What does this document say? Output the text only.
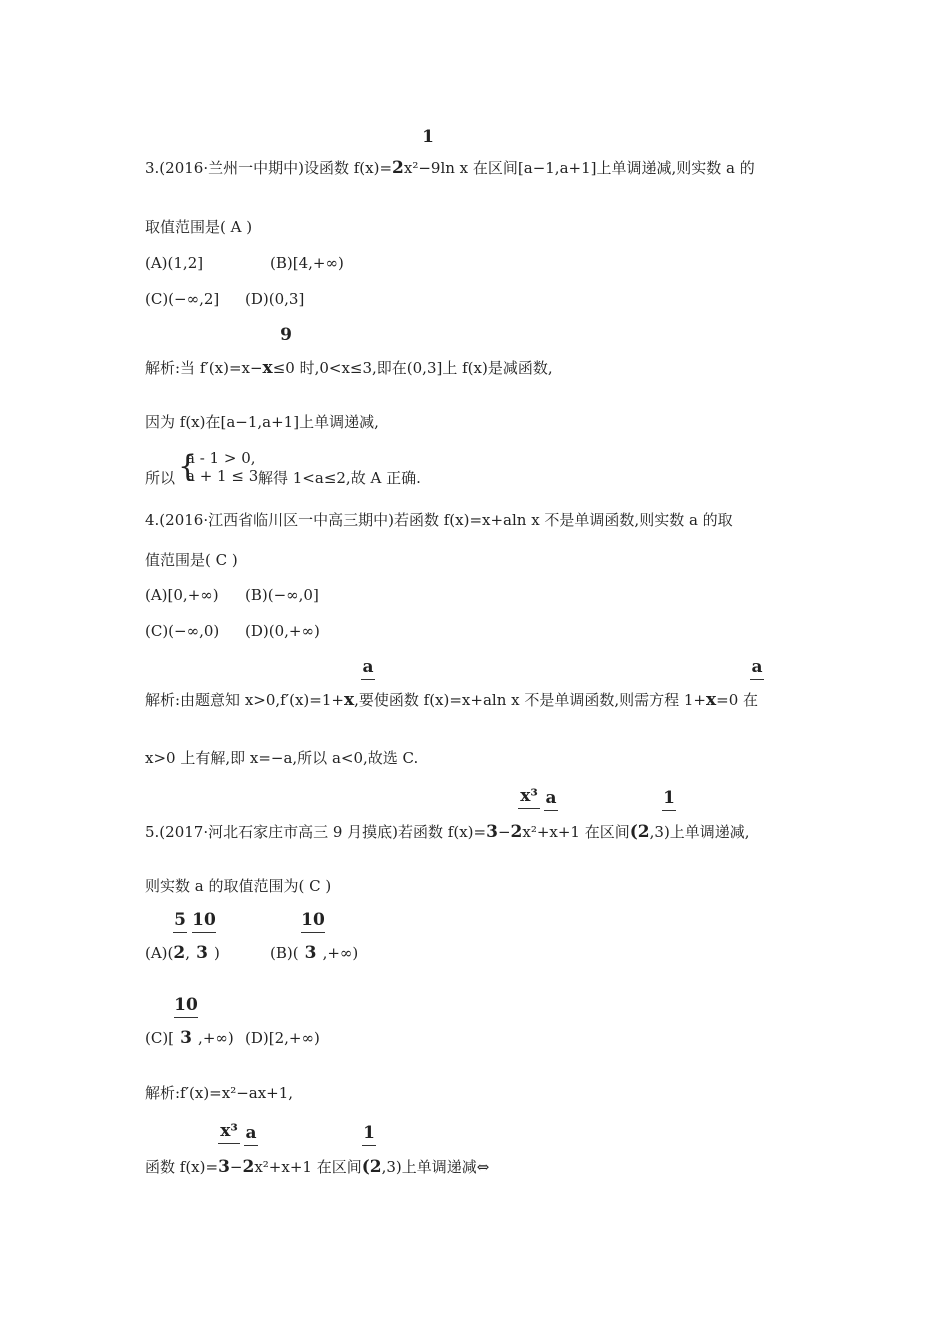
1
3.(2016·兰州一中期中)设函数 f(x)=2x²−9ln x 在区间[a−1,a+1]上单调递减,则实数 a 的
取值范围是( A )
(A)(1,2]	(B)[4,+∞)
(C)(−∞,2] (D)(0,3]
9
解析:当 f′(x)=x−x≤0 时,0<x≤3,即在(0,3]上 f(x)是减函数,
因为 f(x)在[a−1,a+1]上单调递减,
所以 {
a - 1 > 0,
a + 1 ≤ 3 解得 1<a≤2,故 A 正确.
4.(2016·江西省临川区一中高三期中)若函数 f(x)=x+aln x 不是单调函数,则实数 a 的取
值范围是( C )
(A)[0,+∞) (B)(−∞,0]
(C)(−∞,0) (D)(0,+∞)
a	a
解析:由题意知 x>0,f′(x)=1+x,要使函数 f(x)=x+aln x 不是单调函数,则需方程 1+x=0 在
x>0 上有解,即 x=−a,所以 a<0,故选 C.
x³ a	1
5.(2017·河北石家庄市高三 9 月摸底)若函数 f(x)=3−2x²+x+1 在区间(2,3)上单调递减,
则实数 a 的取值范围为( C )
5 10
(A)(2, 3 )
10
(B)( 3 ,+∞)
10
(C)[ 3 ,+∞) (D)[2,+∞)
解析:f′(x)=x²−ax+1,
x³ a	1
函数 f(x)=3−2x²+x+1 在区间(2,3)上单调递减⇔
